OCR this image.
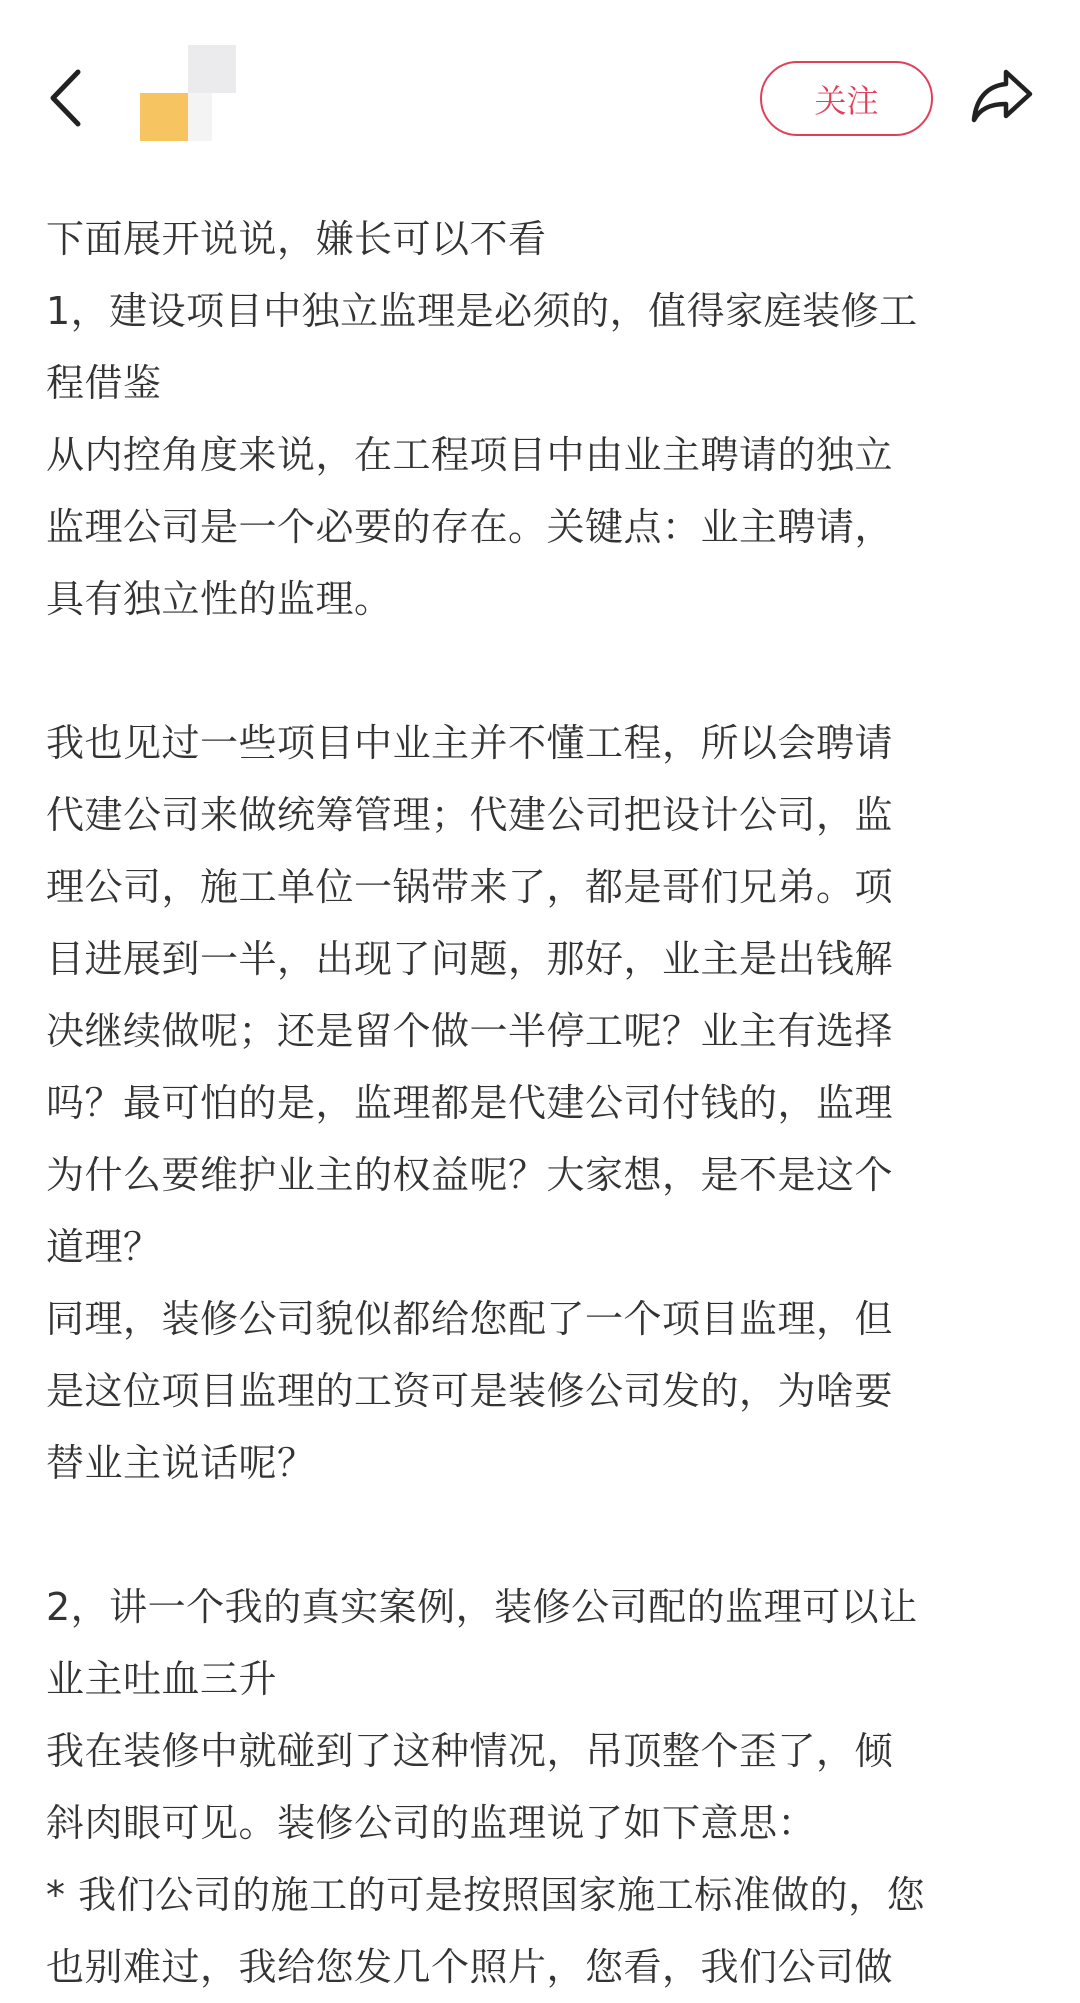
关注
下面展开说说，嫌长可以不看
1，建设项目中独立监理是必须的，值得家庭装修工
程借鉴
从内控角度来说，在工程项目中由业主聘请的独立
监理公司是一个必要的存在。关键点：业主聘请，
具有独立性的监理。
我也见过一些项目中业主并不懂工程，所以会聘请
代建公司来做统筹管理；代建公司把设计公司，监
理公司，施工单位一锅带来了，都是哥们兄弟。项
目进展到一半，出现了问题，那好，业主是出钱解
决继续做呢；还是留个做一半停工呢？业主有选择
吗？最可怕的是，监理都是代建公司付钱的，监理
为什么要维护业主的权益呢？大家想，是不是这个
道理？
同理，装修公司貌似都给您配了一个项目监理，但
是这位项目监理的工资可是装修公司发的，为啥要
替业主说话呢？
2，讲一个我的真实案例，装修公司配的监理可以让
业主吐血三升
我在装修中就碰到了这种情况，吊顶整个歪了，倾
斜肉眼可见。装修公司的监理说了如下意思：
* 我们公司的施工的可是按照国家施工标准做的，您
也别难过，我给您发几个照片，您看，我们公司做
